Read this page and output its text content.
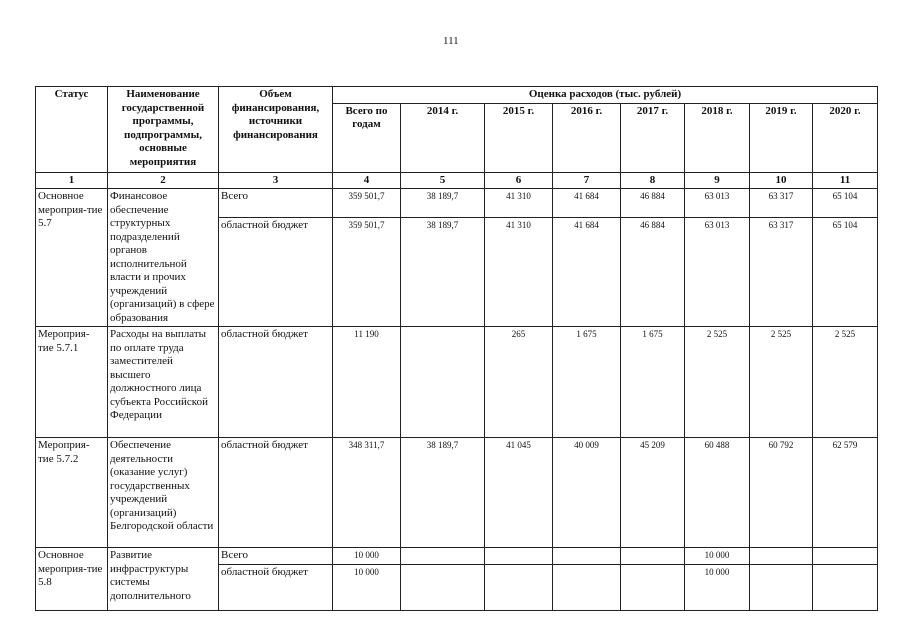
111
Статус	Наименование государственной программы, подпрограммы, основные мероприятия	Объем финансирования, источники финансирования	Оценка расходов (тыс. рублей)							
			Всего по годам	2014 г.	2015 г.	2016 г.	2017 г.	2018 г.	2019 г.	2020 г.
1	2	3	4	5	6	7	8	9	10	11
Основное мероприя-тие 5.7	Финансовое обеспечение структурных подразделений органов исполнительной власти и прочих учреждений (организаций) в сфере образования	Всего	359 501,7	38 189,7	41 310	41 684	46 884	63 013	63 317	65 104
		областной бюджет	359 501,7	38 189,7	41 310	41 684	46 884	63 013	63 317	65 104
Мероприя-тие 5.7.1	Расходы на выплаты по оплате труда заместителей высшего должностного лица субъекта Российской Федерации	областной бюджет	11 190		265	1 675	1 675	2 525	2 525	2 525
Мероприя-тие 5.7.2	Обеспечение деятельности (оказание услуг) государственных учреждений (организаций) Белгородской области	областной бюджет	348 311,7	38 189,7	41 045	40 009	45 209	60 488	60 792	62 579
Основное мероприя-тие 5.8	Развитие инфраструктуры системы дополнительного	Всего	10 000					10 000		
		областной бюджет	10 000					10 000		
